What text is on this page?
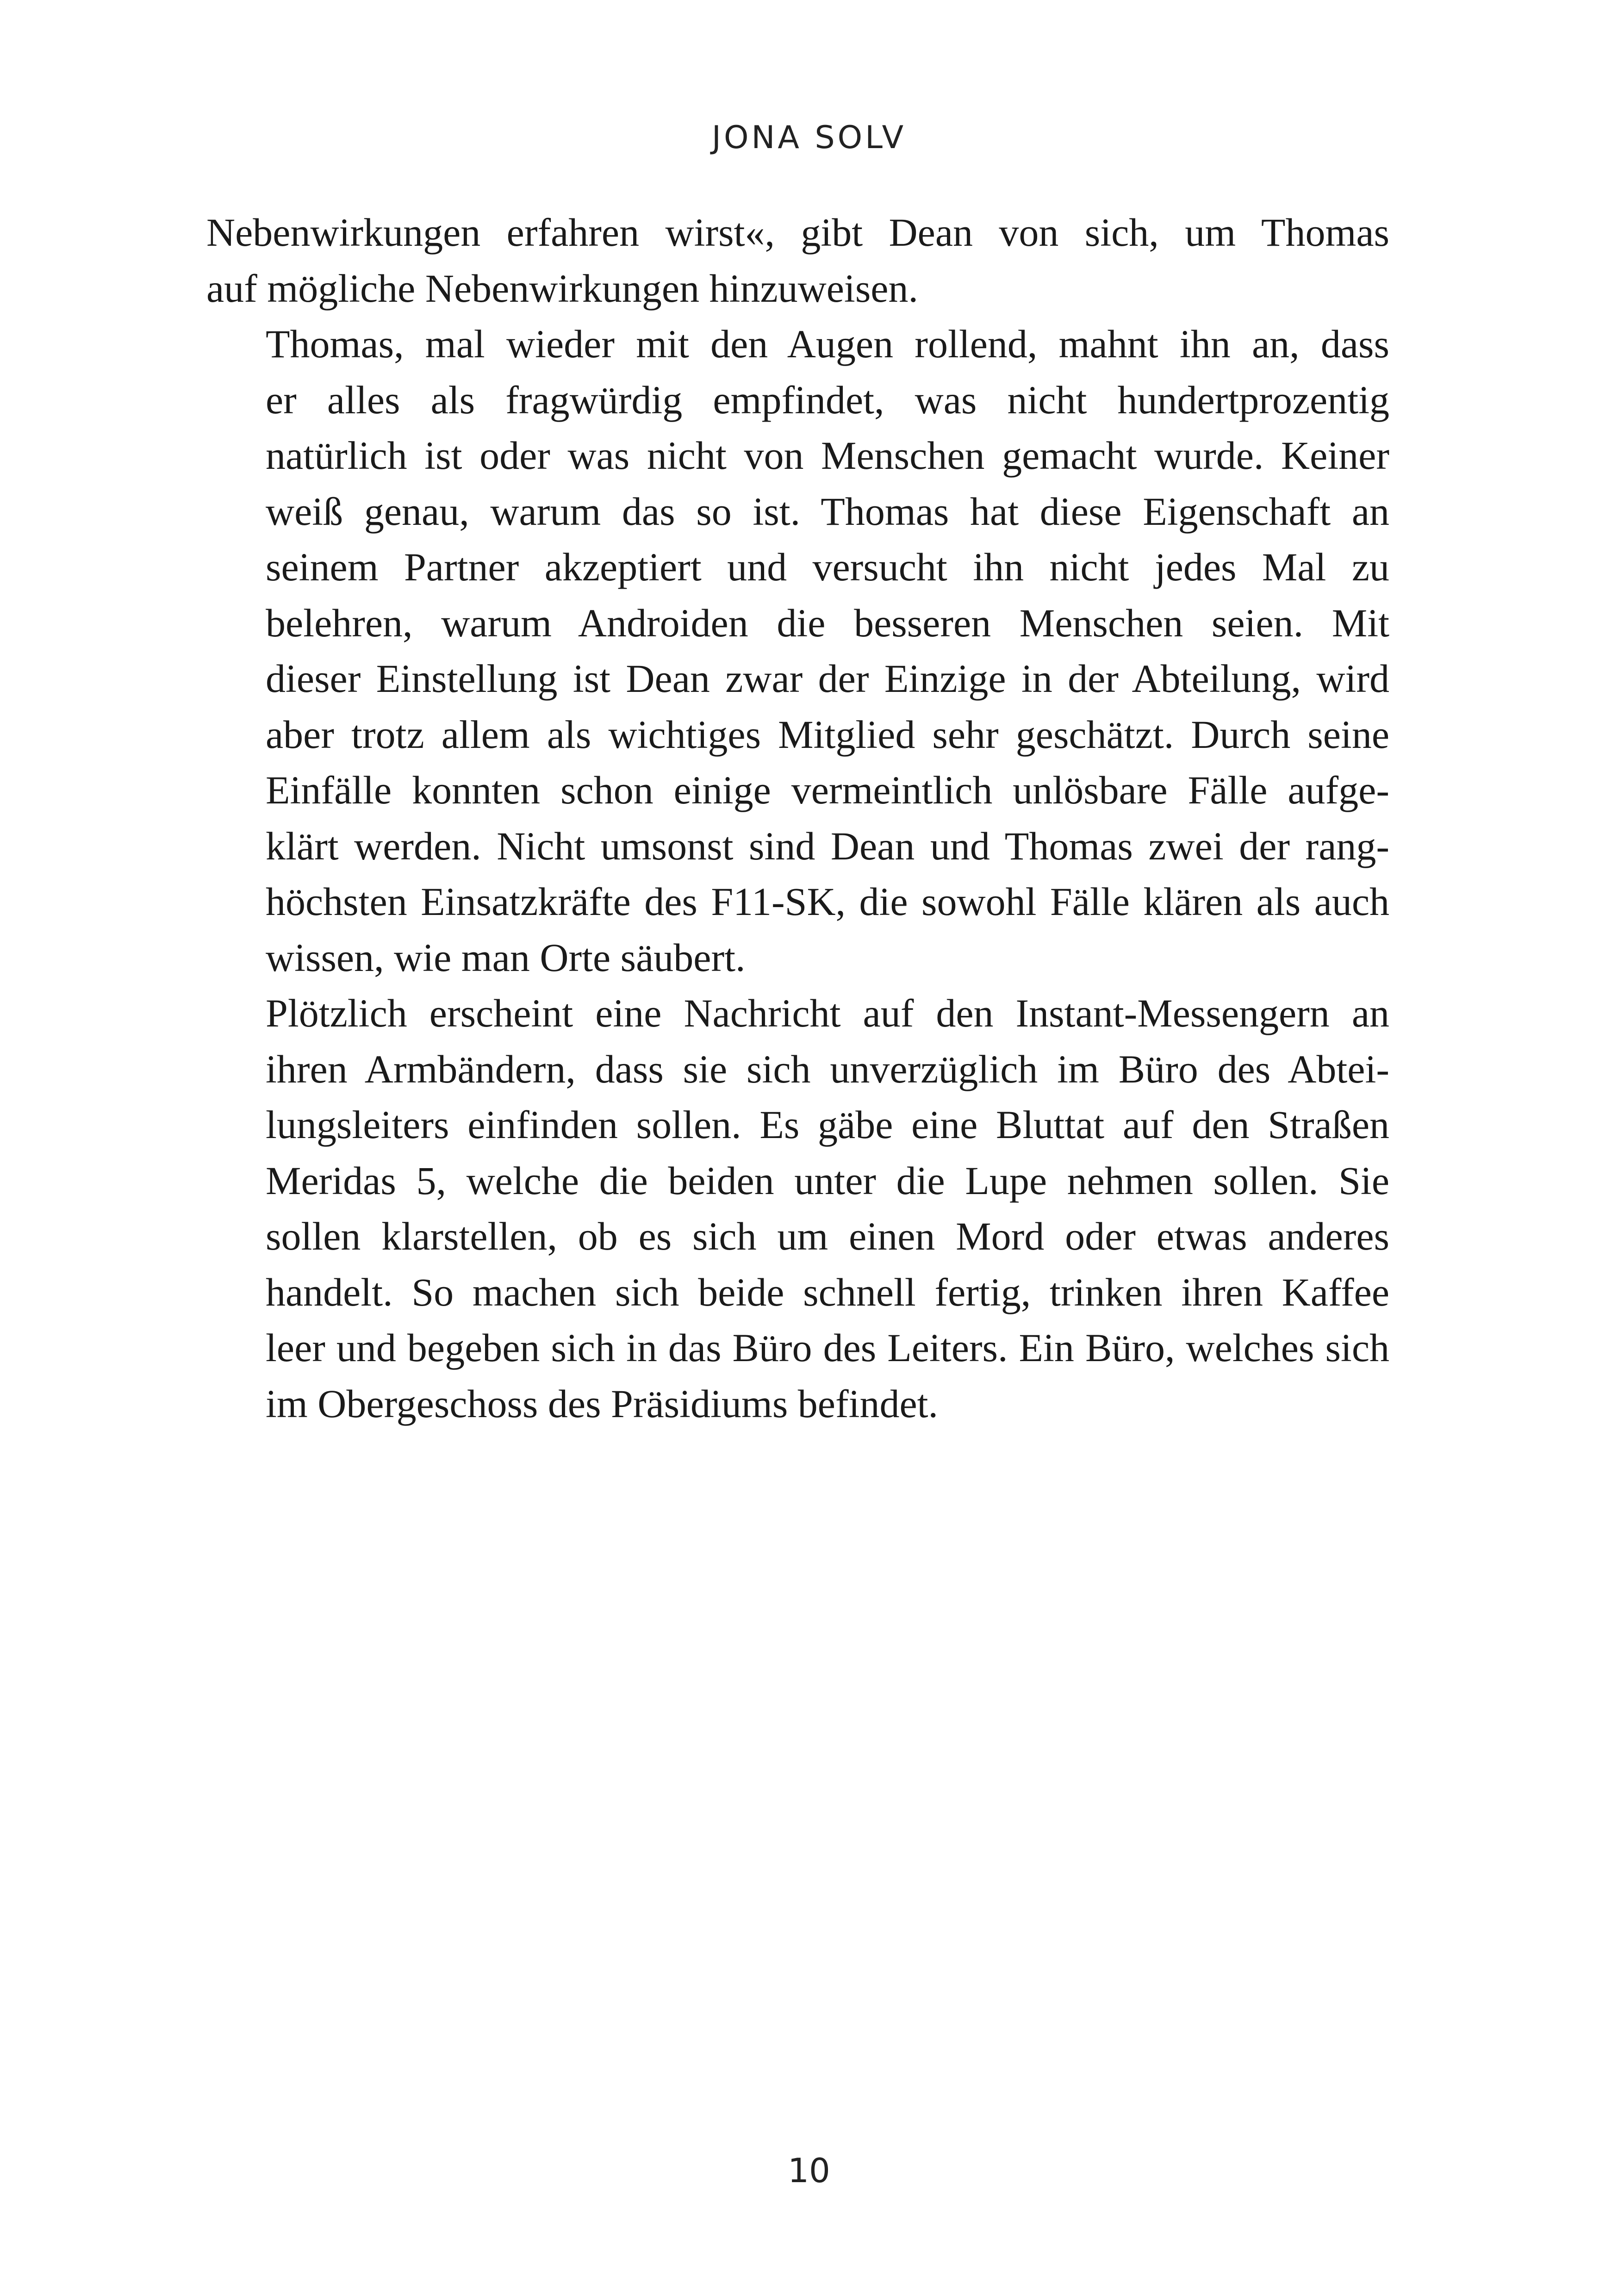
JONA SOLV

Nebenwirkungen erfahren wirst«, gibt Dean von sich, um Thomas
auf mögliche Nebenwirkungen hinzuweisen.

Thomas, mal wieder mit den Augen rollend, mahnt ihn an, dass
er alles als fragwürdig empfindet, was nicht hundertprozentig
natürlich ist oder was nicht von Menschen gemacht wurde. Keiner
weiß genau, warum das so ist. Thomas hat diese Eigenschaft an
seinem Partner akzeptiert und versucht ihn nicht jedes Mal zu
belehren, warum Androiden die besseren Menschen seien. Mit
dieser Einstellung ist Dean zwar der Einzige in der Abteilung, wird
aber trotz allem als wichtiges Mitglied sehr geschätzt. Durch seine
Einfälle konnten schon einige vermeintlich unlösbare Fälle aufge-
klärt werden. Nicht umsonst sind Dean und Thomas zwei der rang-
höchsten Einsatzkräfte des F11-SK, die sowohl Fälle klären als auch
wissen, wie man Orte säubert.

Plötzlich erscheint eine Nachricht auf den Instant-Messengern an
ihren Armbändern, dass sie sich unverzüglich im Büro des Abtei-
lungsleiters einfinden sollen. Es gäbe eine Bluttat auf den Straßen
Meridas 5, welche die beiden unter die Lupe nehmen sollen. Sie
sollen klarstellen, ob es sich um einen Mord oder etwas anderes
handelt. So machen sich beide schnell fertig, trinken ihren Kaffee
leer und begeben sich in das Büro des Leiters. Ein Büro, welches sich
im Obergeschoss des Präsidiums befindet.

10
